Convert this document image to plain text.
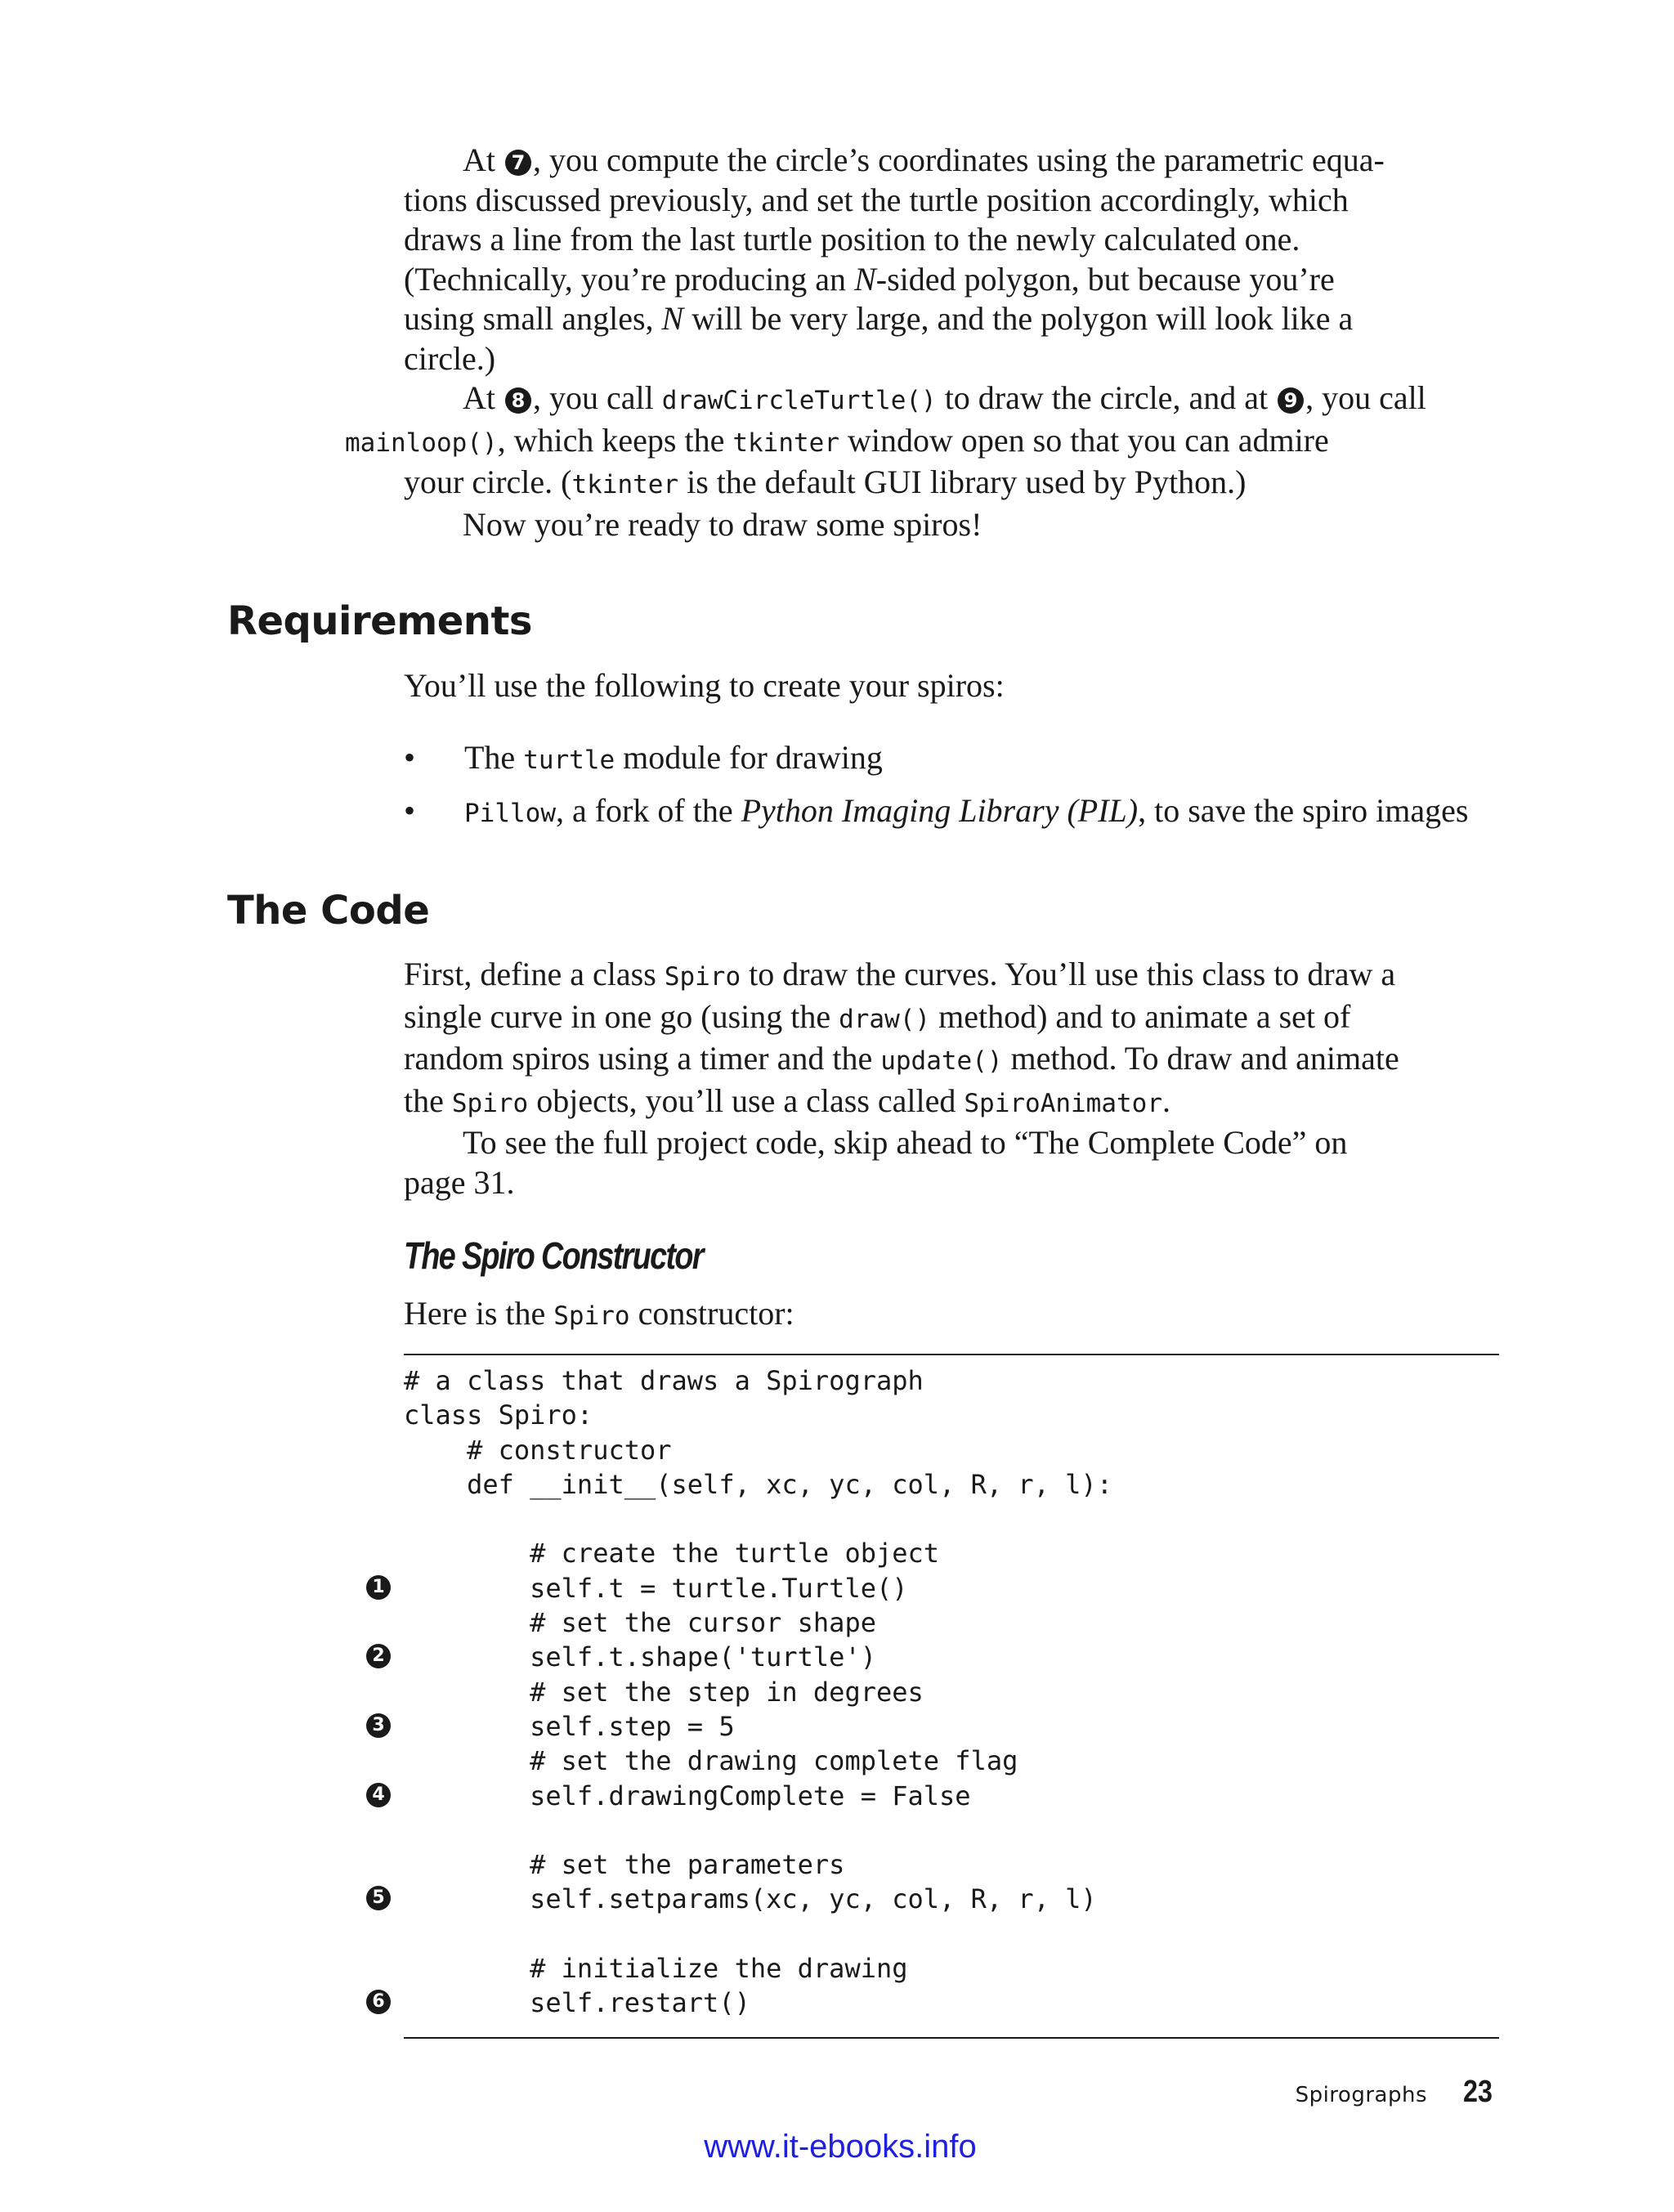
At 7 , you compute the circle’s coordinates using the parametric equa-
tions discussed previously, and set the turtle position accordingly, which
draws a line from the last turtle position to the newly calculated one.
(Technically, you’re producing an N-sided polygon, but because you’re
using small angles, N will be very large, and the polygon will look like a
circle.)

At 8 , you call drawCircleTurtle() to draw the circle, and at 9 , you call
mainloop(), which keeps the tkinter window open so that you can admire
your circle. (tkinter is the default GUI library used by Python.)

Now you’re ready to draw some spiros!

Requirements

You’ll use the following to create your spiros:

• The turtle module for drawing
• Pillow, a fork of the Python Imaging Library (PIL), to save the spiro images
The Code

First, define a class Spiro to draw the curves. You’ll use this class to draw a
single curve in one go (using the draw() method) and to animate a set of
random spiros using a timer and the update() method. To draw and animate
the Spiro objects, you’ll use a class called SpiroAnimator.

To see the full project code, skip ahead to “The Complete Code” on
page 31.

The Spiro Constructor

Here is the Spiro constructor:

# a class that draws a Spirograph
class Spiro:
# constructor
def __init__(self, xc, yc, col, R, r, l):
# create the turtle object
1 self.t = turtle.Turtle()
# set the cursor shape
2 self.t.shape('turtle')
# set the step in degrees
3 self.step = 5
# set the drawing complete flag
4 self.drawingComplete = False
# set the parameters
5 self.setparams(xc, yc, col, R, r, l)
# initialize the drawing
6 self.restart()
Spirographs 23
www.it-ebooks.info
